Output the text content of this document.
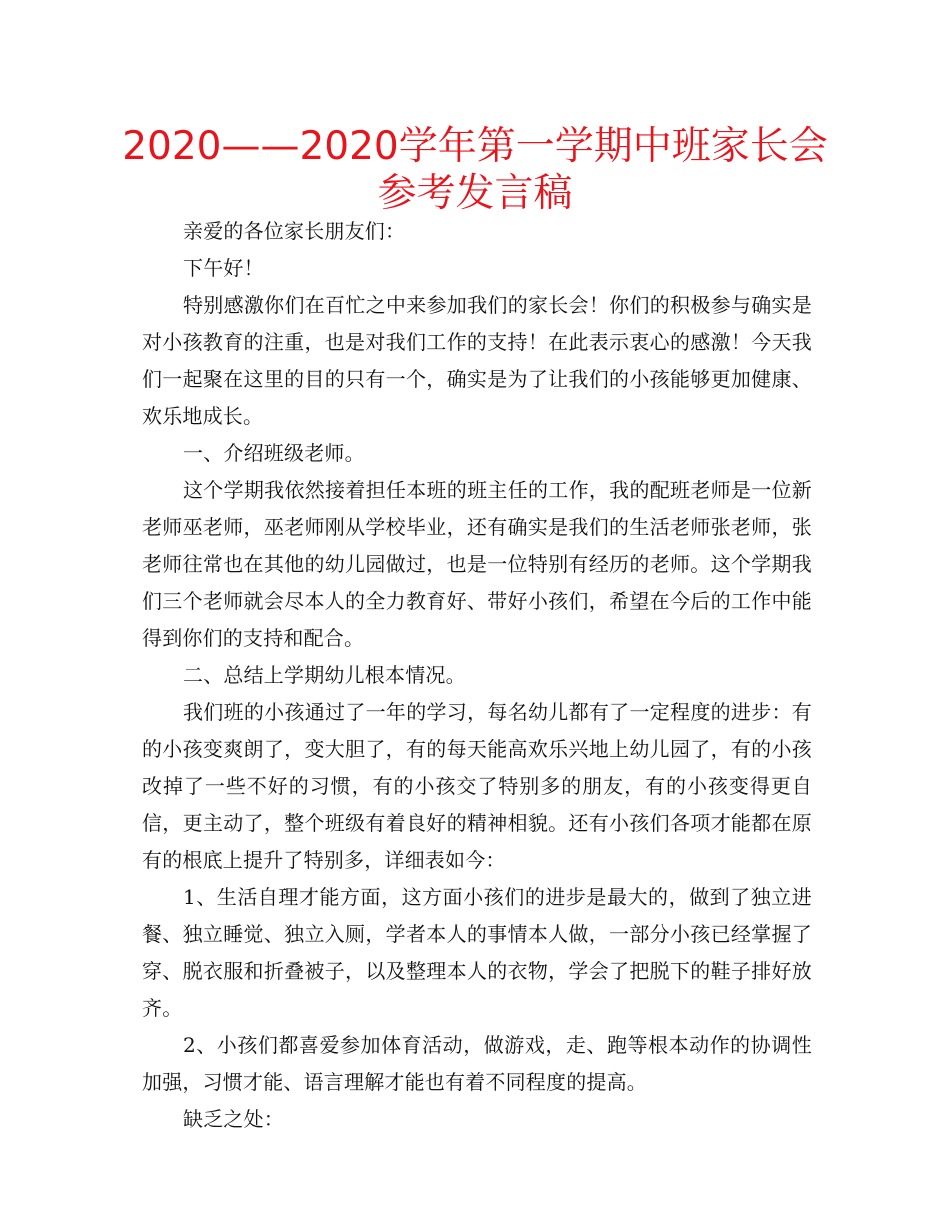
2020——2020学年第一学期中班家长会
参考发言稿

亲爱的各位家长朋友们：

下午好！

特别感激你们在百忙之中来参加我们的家长会！你们的积极参与确实是对小孩教育的注重，也是对我们工作的支持！在此表示衷心的感激！今天我们一起聚在这里的目的只有一个，确实是为了让我们的小孩能够更加健康、欢乐地成长。

一、介绍班级老师。

这个学期我依然接着担任本班的班主任的工作，我的配班老师是一位新老师巫老师，巫老师刚从学校毕业，还有确实是我们的生活老师张老师，张老师往常也在其他的幼儿园做过，也是一位特别有经历的老师。这个学期我们三个老师就会尽本人的全力教育好、带好小孩们，希望在今后的工作中能得到你们的支持和配合。

二、总结上学期幼儿根本情况。

我们班的小孩通过了一年的学习，每名幼儿都有了一定程度的进步：有的小孩变爽朗了，变大胆了，有的每天能高欢乐兴地上幼儿园了，有的小孩改掉了一些不好的习惯，有的小孩交了特别多的朋友，有的小孩变得更自信，更主动了，整个班级有着良好的精神相貌。还有小孩们各项才能都在原有的根底上提升了特别多，详细表如今：

1、生活自理才能方面，这方面小孩们的进步是最大的，做到了独立进餐、独立睡觉、独立入厕，学者本人的事情本人做，一部分小孩已经掌握了穿、脱衣服和折叠被子，以及整理本人的衣物，学会了把脱下的鞋子排好放齐。

2、小孩们都喜爱参加体育活动，做游戏，走、跑等根本动作的协调性加强，习惯才能、语言理解才能也有着不同程度的提高。

缺乏之处：
